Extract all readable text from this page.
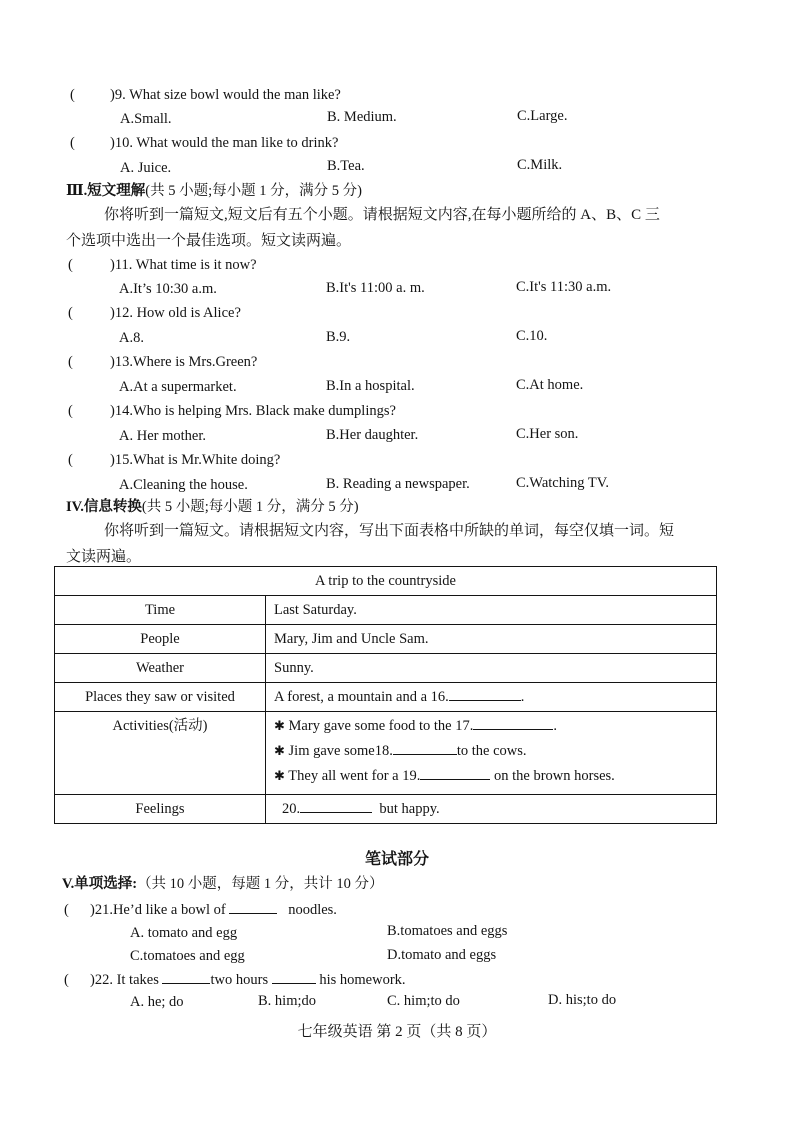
( )9. What size bowl would the man like?
A.Small.	B. Medium.	C.Large.
( )10. What would the man like to drink?
A. Juice.	B.Tea.	C.Milk.
Ⅲ.短文理解(共 5 小题;每小题 1 分，满分 5 分)
你将听到一篇短文,短文后有五个小题。请根据短文内容,在每小题所给的 A、B、C 三
个选项中选出一个最佳选项。短文读两遍。
(	)11. What time is it now?
A.It’s 10:30 a.m.	B.It's 11:00 a. m.	C.It's 11:30 a.m.
(	)12. How old is Alice?
A.8.	B.9.	C.10.
(	)13.Where is Mrs.Green?
A.At a supermarket.	B.In a hospital.	C.At home.
(	)14.Who is helping Mrs. Black make dumplings?
A. Her mother.	B.Her daughter.	C.Her son.
(	)15.What is Mr.White doing?
A.Cleaning the house.	B. Reading a newspaper.	C.Watching TV.
IV.信息转换(共 5 小题;每小题 1 分，满分 5 分)
你将听到一篇短文。请根据短文内容，写出下面表格中所缺的单词，每空仅填一词。短
文读两遍。
A trip to the countryside	

Time	Last Saturday.

People	Mary, Jim and Uncle Sam.

Weather	Sunny.

Places they saw or visited	A forest, a mountain and a 16. .

Activities(活动)	✱ Mary gave some food to the 17. .
✱ Jim gave some18. to the cows.
✱ They all went for a 19. on the brown horses.

Feelings	20. but happy.
笔试部分
V.单项选择:（共 10 小题，每题 1 分，共计 10 分）
( )21.He’d like a bowl of	noodles.
A. tomato and egg	B.tomatoes and eggs
C.tomatoes and egg	D.tomato and eggs
( )22. It takes	two hours	his homework.
A. he; do	B. him;do	C. him;to do	D. his;to do
七年级英语 第 2 页（共 8 页）
